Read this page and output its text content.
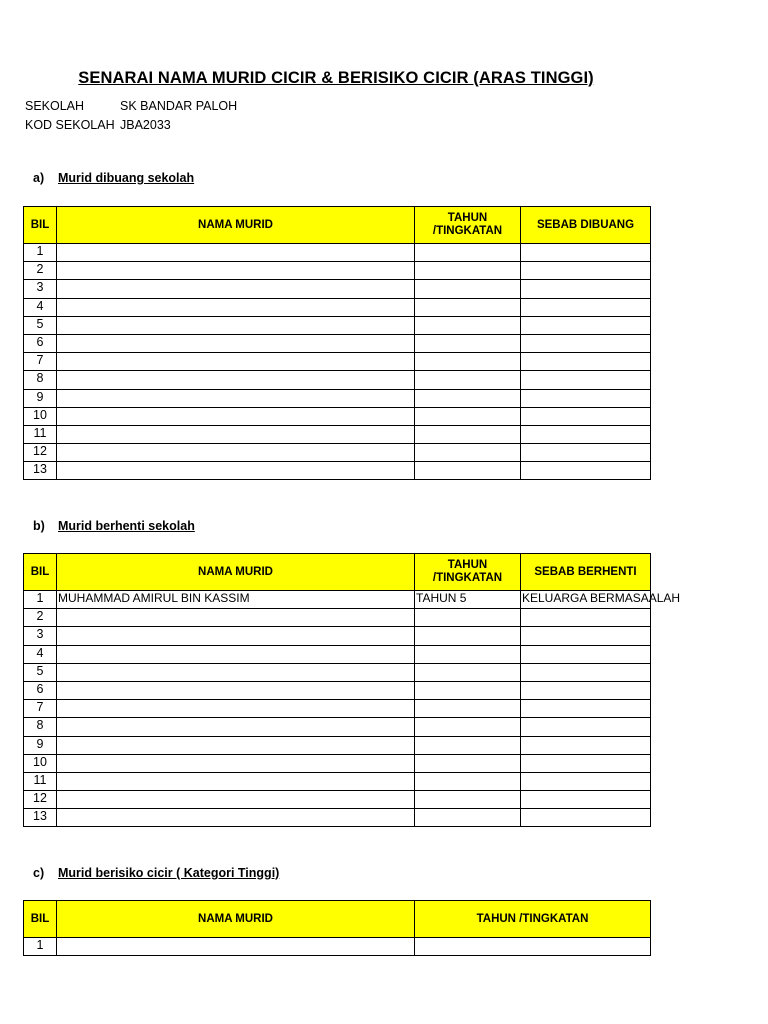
SENARAI NAMA MURID CICIR & BERISIKO CICIR (ARAS TINGGI)
SEKOLAH	SK BANDAR PALOH
KOD SEKOLAH JBA2033
a) Murid dibuang sekolah
BIL	NAMA MURID	TAHUN /TINGKATAN	SEBAB DIBUANG
1			
2			
3			
4			
5			
6			
7			
8			
9			
10			
11			
12			
13			
b) Murid berhenti sekolah
BIL	NAMA MURID	TAHUN /TINGKATAN	SEBAB BERHENTI
1	MUHAMMAD AMIRUL BIN KASSIM	TAHUN 5	KELUARGA BERMASAALAH
2			
3			
4			
5			
6			
7			
8			
9			
10			
11			
12			
13			
c) Murid berisiko cicir ( Kategori Tinggi)
BIL	NAMA MURID	TAHUN /TINGKATAN
1		
